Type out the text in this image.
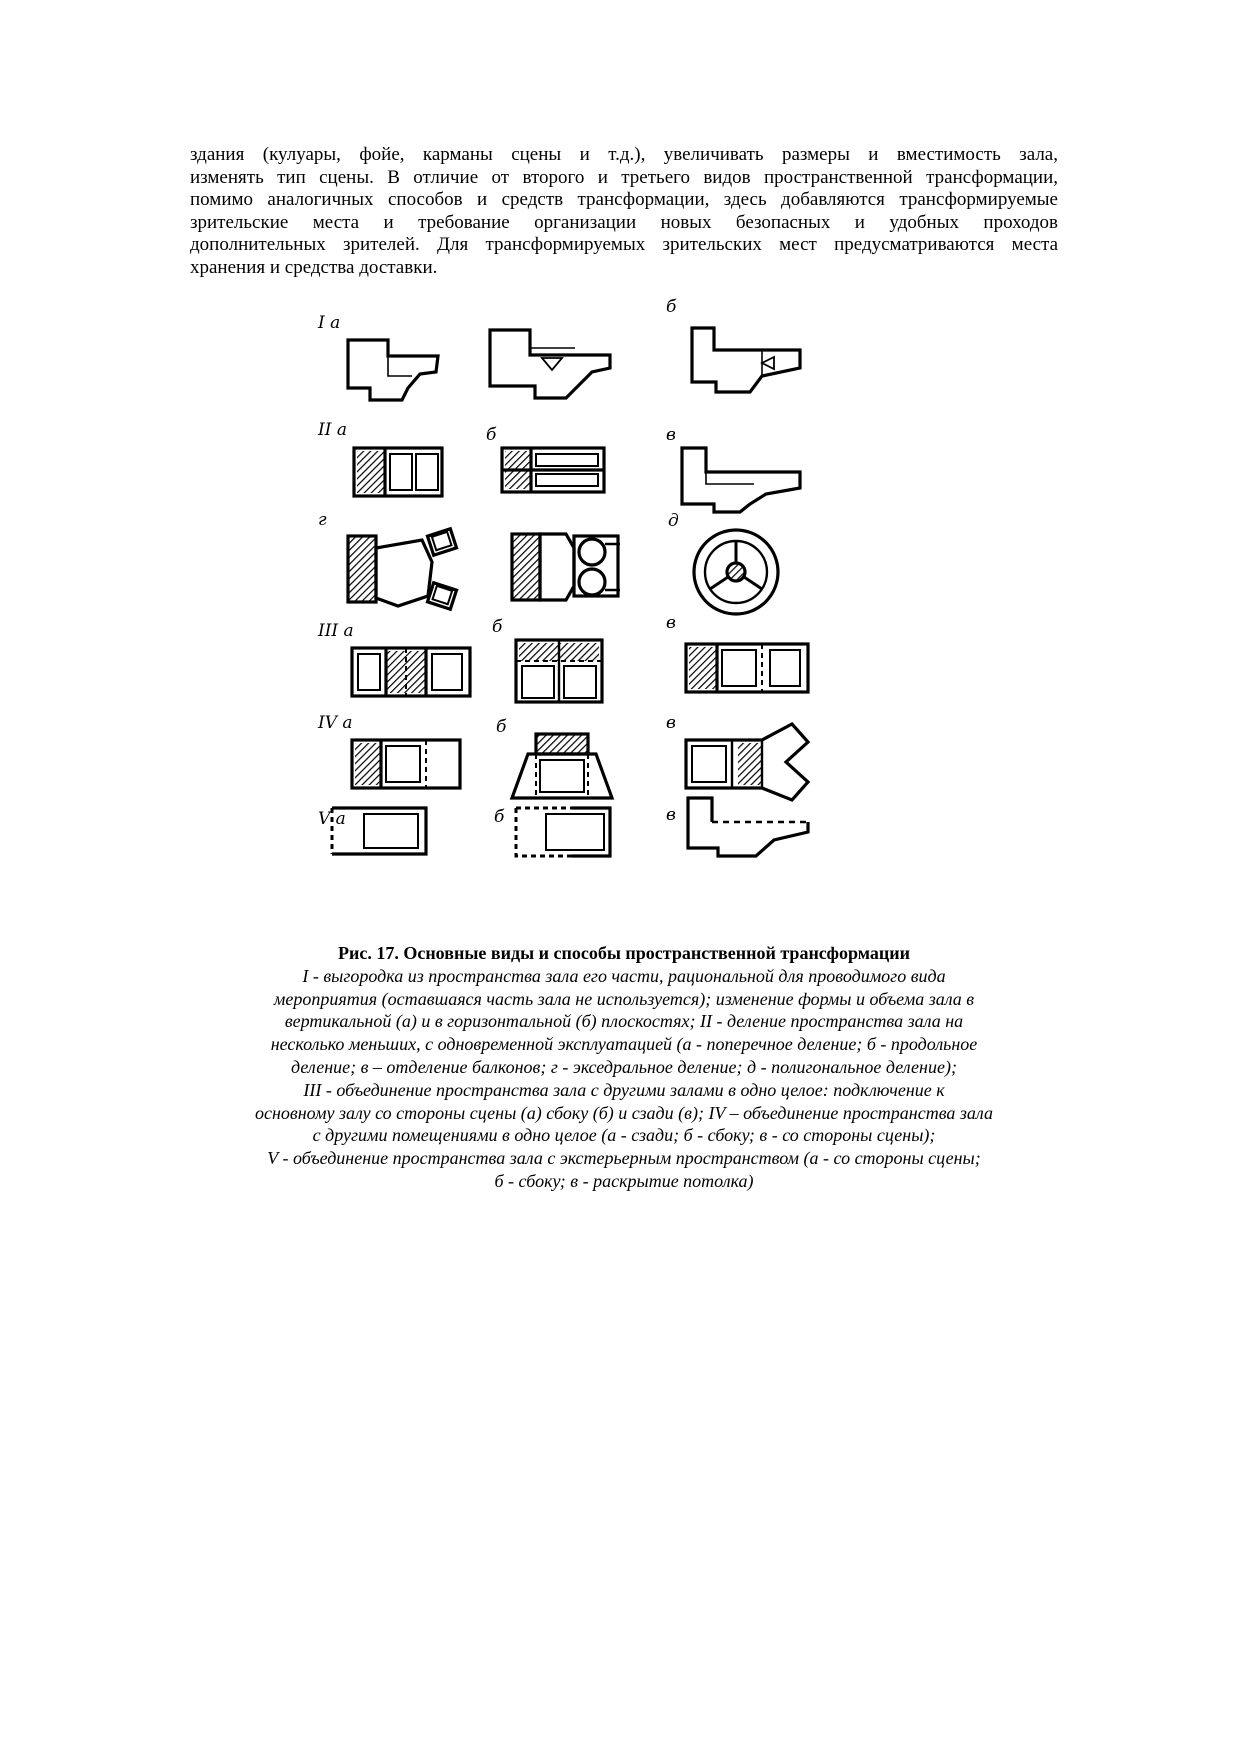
здания (кулуары, фойе, карманы сцены и т.д.), увеличивать размеры и вместимость зала,
изменять тип сцены. В отличие от второго и третьего видов пространственной трансформации,
помимо аналогичных способов и средств трансформации, здесь добавляются трансформируемые
зрительские места и требование организации новых безопасных и удобных проходов
дополнительных зрителей. Для трансформируемых зрительских мест предусматриваются места
хранения и средства доставки.
I a
б
II a	б	в
г	д
III a	б	в
IV a	б	в
V a	б	в
Рис. 17. Основные виды и способы пространственной трансформации
I - выгородка из пространства зала его части, рациональной для проводимого вида
мероприятия (оставшаяся часть зала не используется); изменение формы и объема зала в
вертикальной (а) и в горизонтальной (б) плоскостях; II - деление пространства зала на
несколько меньших, с одновременной эксплуатацией (а - поперечное деление; б - продольное
деление; в – отделение балконов; г - экседральное деление; д - полигональное деление);
III - объединение пространства зала с другими залами в одно целое: подключение к
основному залу со стороны сцены (а) сбоку (б) и сзади (в); IV – объединение пространства зала
с другими помещениями в одно целое (а - сзади; б - сбоку; в - со стороны сцены);
V - объединение пространства зала с экстерьерным пространством (а - со стороны сцены;
б - сбоку; в - раскрытие потолка)
